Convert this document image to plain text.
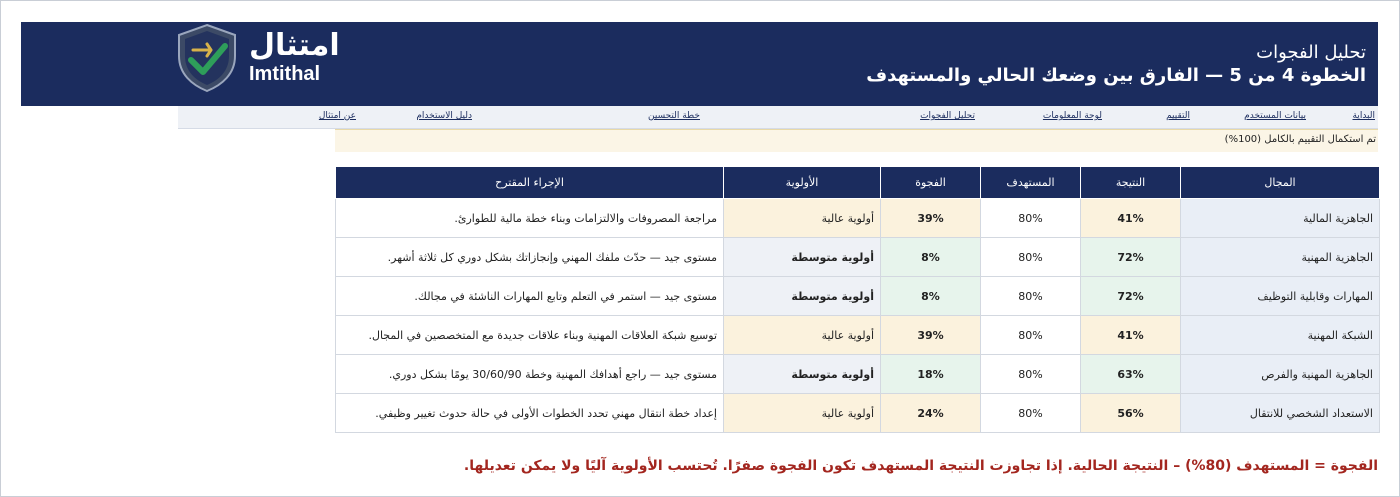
امتثال
Imtithal
تحليل الفجوات
الخطوة 4 من 5 — الفارق بين وضعك الحالي والمستهدف
البداية
بيانات المستخدم
التقييم
لوحة المعلومات
تحليل الفجوات
خطة التحسين
دليل الاستخدام
عن امتثال
تم استكمال التقييم بالكامل (100%)
المجال	النتيجة	المستهدف	الفجوة	الأولوية	الإجراء المقترح
الجاهزية المالية	41%	80%	39%	أولوية عالية	مراجعة المصروفات والالتزامات وبناء خطة مالية للطوارئ.
الجاهزية المهنية	72%	80%	8%	أولوية متوسطة	مستوى جيد — حدّث ملفك المهني وإنجازاتك بشكل دوري كل ثلاثة أشهر.
المهارات وقابلية التوظيف	72%	80%	8%	أولوية متوسطة	مستوى جيد — استمر في التعلم وتابع المهارات الناشئة في مجالك.
الشبكة المهنية	41%	80%	39%	أولوية عالية	توسيع شبكة العلاقات المهنية وبناء علاقات جديدة مع المتخصصين في المجال.
الجاهزية المهنية والفرص	63%	80%	18%	أولوية متوسطة	مستوى جيد — راجع أهدافك المهنية وخطة 30/60/90 يومًا بشكل دوري.
الاستعداد الشخصي للانتقال	56%	80%	24%	أولوية عالية	إعداد خطة انتقال مهني تحدد الخطوات الأولى في حالة حدوث تغيير وظيفي.
الفجوة = المستهدف (80%) – النتيجة الحالية. إذا تجاوزت النتيجة المستهدف تكون الفجوة صفرًا. تُحتسب الأولوية آليًا ولا يمكن تعديلها.
